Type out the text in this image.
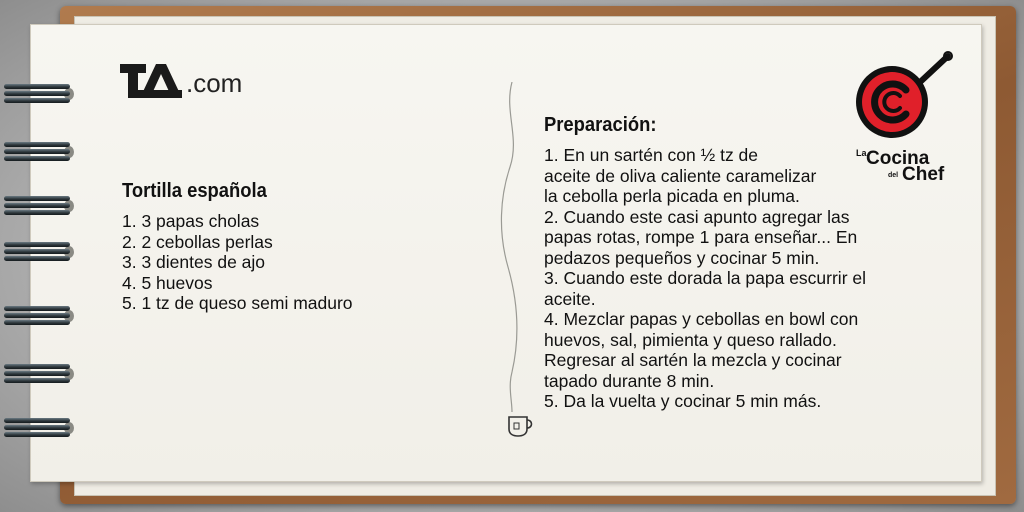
.com
Tortilla española
1. 3 papas cholas
2. 2 cebollas perlas
3. 3 dientes de ajo
4. 5 huevos
5. 1 tz de queso semi maduro
Preparación:
1. En un sartén con ½ tz de
aceite de oliva caliente caramelizar
la cebolla perla picada en pluma.
2. Cuando este casi apunto agregar las
papas rotas, rompe 1 para enseñar... En
pedazos pequeños y cocinar 5 min.
3. Cuando este dorada la papa escurrir el
aceite.
4. Mezclar papas y cebollas en bowl con
huevos, sal, pimienta y queso rallado.
Regresar al sartén la mezcla y cocinar
tapado durante 8 min.
5. Da la vuelta y cocinar 5 min más.
La Cocina
del Chef
